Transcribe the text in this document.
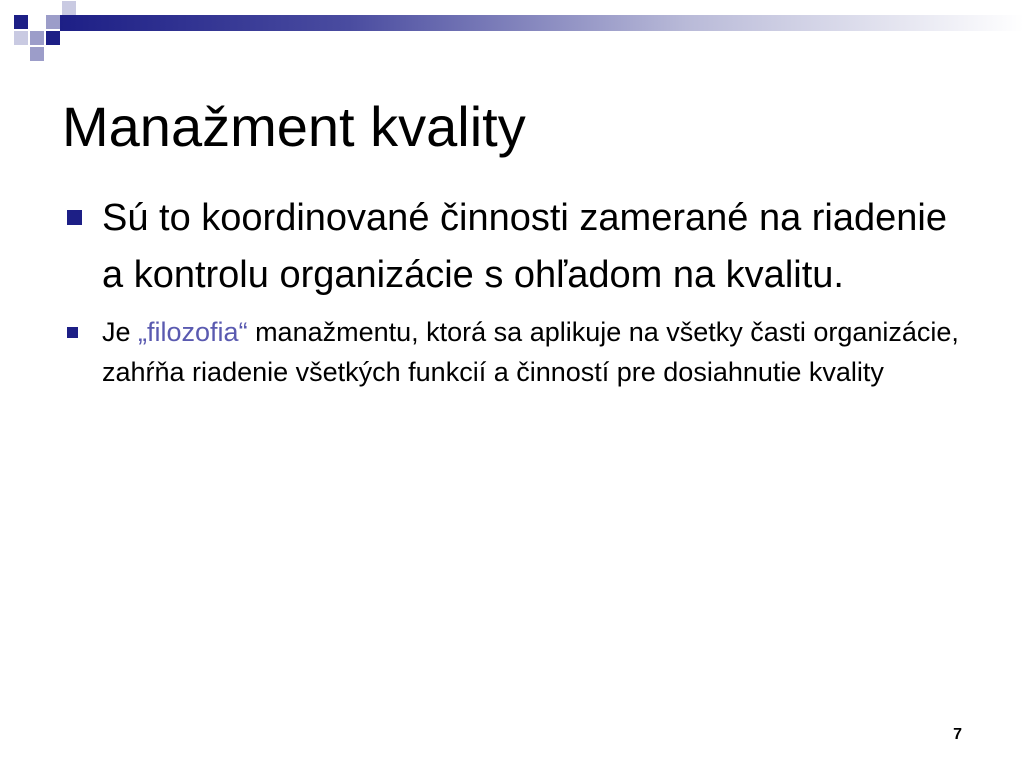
Manažment kvality
Sú to koordinované činnosti zamerané na riadenie a kontrolu organizácie s ohľadom na kvalitu.
Je „filozofia“ manažmentu, ktorá sa aplikuje na všetky časti organizácie, zahŕňa riadenie všetkých funkcií a činností pre dosiahnutie kvality
7
